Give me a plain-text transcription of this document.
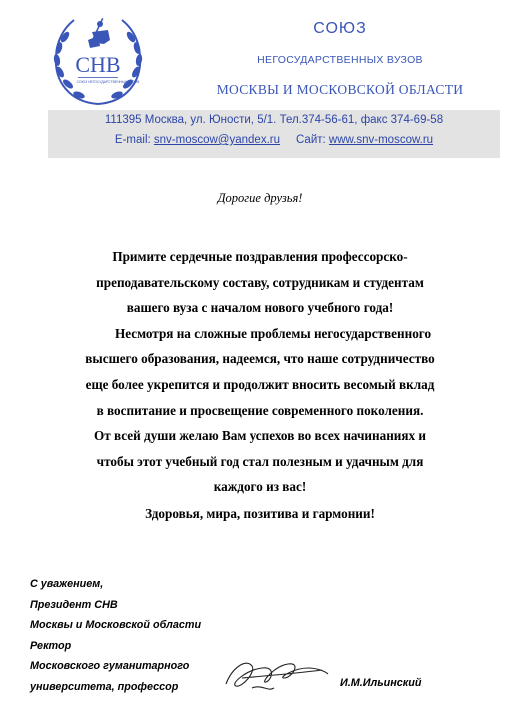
СНВ
СОЮЗ НЕГОСУДАРСТВЕННЫХ ВУЗОВ
СОЮЗ
НЕГОСУДАРСТВЕННЫХ ВУЗОВ
МОСКВЫ И МОСКОВСКОЙ ОБЛАСТИ
111395 Москва, ул. Юности, 5/1. Тел.374-56-61, факс 374-69-58
E-mail: snv-moscow@yandex.ru Сайт: www.snv-moscow.ru
Дорогие друзья!
Примите сердечные поздравления профессорско-
преподавательскому составу, сотрудникам и студентам
вашего вуза с началом нового учебного года!
Несмотря на сложные проблемы негосударственного
высшего образования, надеемся, что наше сотрудничество
еще более укрепится и продолжит вносить весомый вклад
в воспитание и просвещение современного поколения.
От всей души желаю Вам успехов во всех начинаниях и
чтобы этот учебный год стал полезным и удачным для
каждого из вас!
Здоровья, мира, позитива и гармонии!
С уважением,
Президент СНВ
Москвы и Московской области
Ректор
Московского гуманитарного
университета, профессор	И.М.Ильинский
